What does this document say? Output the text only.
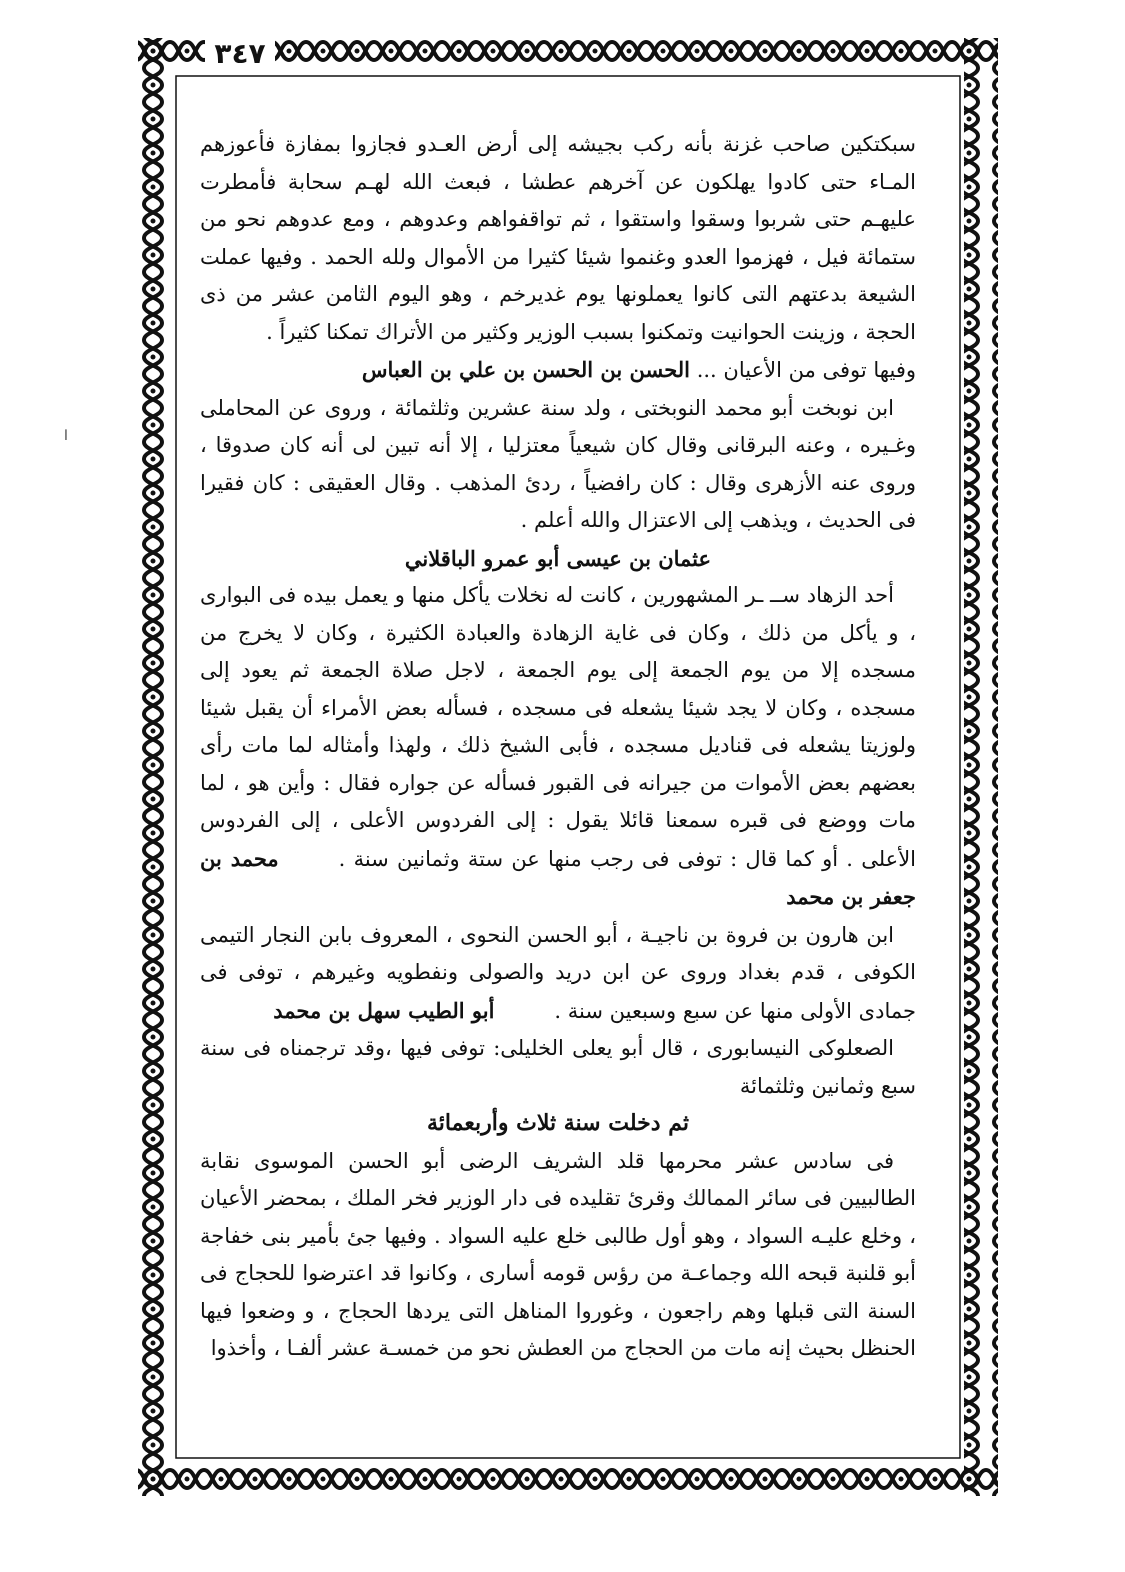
٣٤٧
ا

سبكتكين صاحب غزنة بأنه ركب بجيشه إلى أرض العـدو فجازوا بمفازة فأعوزهم المـاء حتى كادوا يهلكون عن آخرهم عطشا ، فبعث الله لهـم سحابة فأمطرت عليهـم حتى شربوا وسقوا واستقوا ، ثم تواقفواهم وعدوهم ، ومع عدوهم نحو من ستمائة فيل ، فهزموا العدو وغنموا شيئا كثيرا من الأموال ولله الحمد . وفيها عملت الشيعة بدعتهم التى كانوا يعملونها يوم غديرخم ، وهو اليوم الثامن عشر من ذى الحجة ، وزينت الحوانيت وتمكنوا بسبب الوزير وكثير من الأتراك تمكنا كثيراً .

وفيها توفى من الأعيان ... الحسن بن الحسن بن علي بن العباس

ابن نوبخت أبو محمد النوبختى ، ولد سنة عشرين وثلثمائة ، وروى عن المحاملى وغـيره ، وعنه البرقانى وقال كان شيعياً معتزليا ، إلا أنه تبين لى أنه كان صدوقا ، وروى عنه الأزهرى وقال : كان رافضياً ، ردئ المذهب . وقال العقيقى : كان فقيرا فى الحديث ، ويذهب إلى الاعتزال والله أعلم .

عثمان بن عيسى أبو عمرو الباقلاني

أحد الزهاد ســ ـر المشهورين ، كانت له نخلات يأكل منها و يعمل بيده فى البوارى ، و يأكل من ذلك ، وكان فى غاية الزهادة والعبادة الكثيرة ، وكان لا يخرج من مسجده إلا من يوم الجمعة إلى يوم الجمعة ، لاجل صلاة الجمعة ثم يعود إلى مسجده ، وكان لا يجد شيئا يشعله فى مسجده ، فسأله بعض الأمراء أن يقبل شيئا ولوزيتا يشعله فى قناديل مسجده ، فأبى الشيخ ذلك ، ولهذا وأمثاله لما مات رأى بعضهم بعض الأموات من جيرانه فى القبور فسأله عن جواره فقال : وأين هو ، لما مات ووضع فى قبره سمعنا قائلا يقول : إلى الفردوس الأعلى ، إلى الفردوس الأعلى . أو كما قال : توفى فى رجب منها عن ستة وثمانين سنة .محمد بن جعفر بن محمد

ابن هارون بن فروة بن ناجيـة ، أبو الحسن النحوى ، المعروف بابن النجار التيمى الكوفى ، قدم بغداد وروى عن ابن دريد والصولى ونفطويه وغيرهم ، توفى فى جمادى الأولى منها عن سبع وسبعين سنة .أبو الطيب سهل بن محمد

الصعلوكى النيسابورى ، قال أبو يعلى الخليلى: توفى فيها ،وقد ترجمناه فى سنة سبع وثمانين وثلثمائة

ثم دخلت سنة ثلاث وأربعمائة

فى سادس عشر محرمها قلد الشريف الرضى أبو الحسن الموسوى نقابة الطالبيين فى سائر الممالك وقرئ تقليده فى دار الوزير فخر الملك ، بمحضر الأعيان ، وخلع عليـه السواد ، وهو أول طالبى خلع عليه السواد . وفيها جئ بأمير بنى خفاجة أبو قلنبة قبحه الله وجماعـة من رؤس قومه أسارى ، وكانوا قد اعترضوا للحجاج فى السنة التى قبلها وهم راجعون ، وغوروا المناهل التى يردها الحجاج ، و وضعوا فيها الحنظل بحيث إنه مات من الحجاج من العطش نحو من خمسـة عشر ألفـا ، وأخذوا
